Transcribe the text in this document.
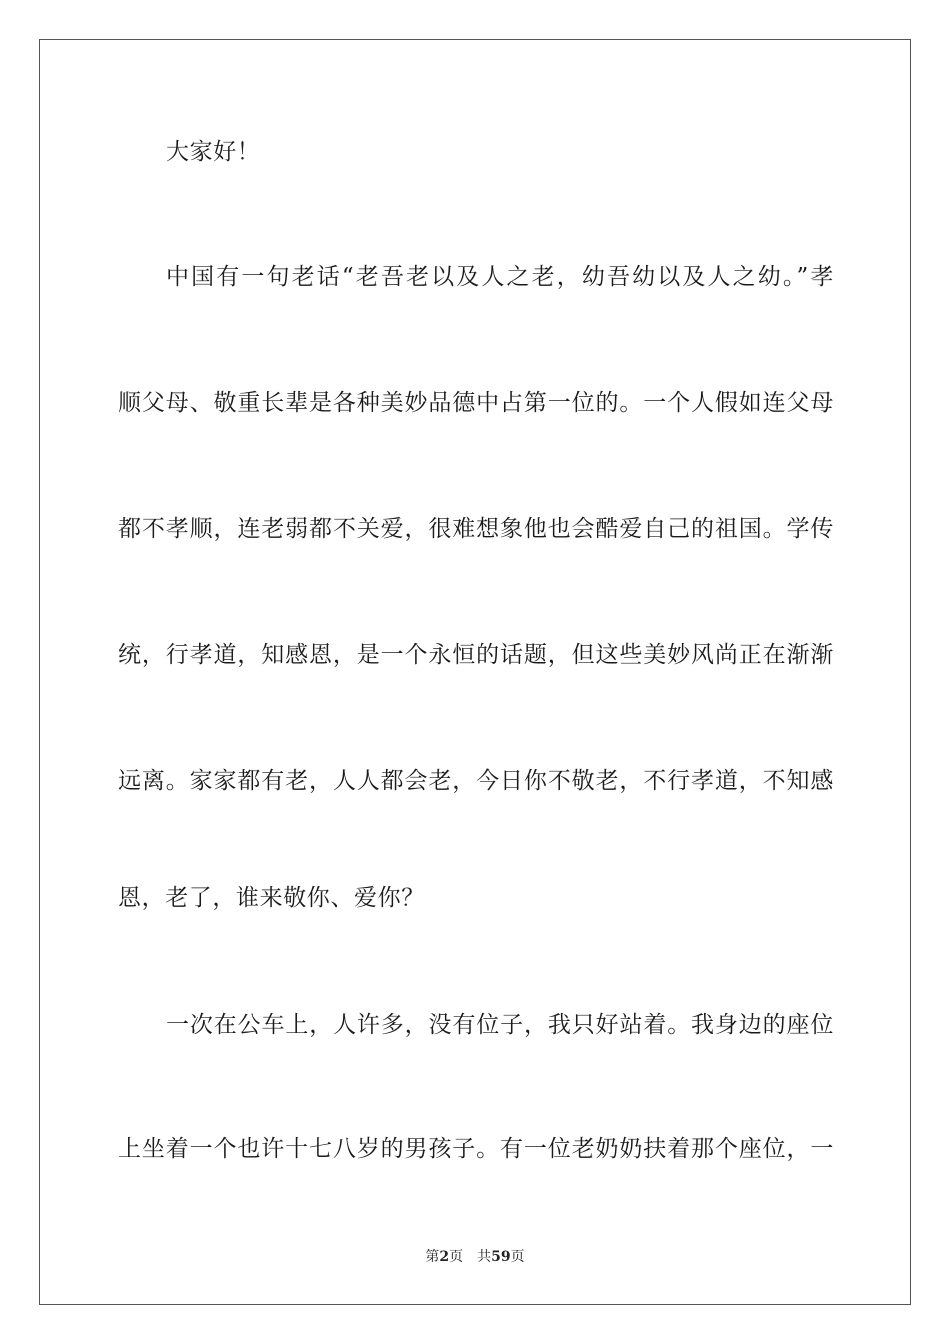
大家好！
中国有一句老话“老吾老以及人之老，幼吾幼以及人之幼。”孝
顺父母、敬重长辈是各种美妙品德中占第一位的。一个人假如连父母
都不孝顺，连老弱都不关爱，很难想象他也会酷爱自己的祖国。学传
统，行孝道，知感恩，是一个永恒的话题，但这些美妙风尚正在渐渐
远离。家家都有老，人人都会老，今日你不敬老，不行孝道，不知感
恩，老了，谁来敬你、爱你？
一次在公车上，人许多，没有位子，我只好站着。我身边的座位
上坐着一个也许十七八岁的男孩子。有一位老奶奶扶着那个座位，一
第2页 共59页
